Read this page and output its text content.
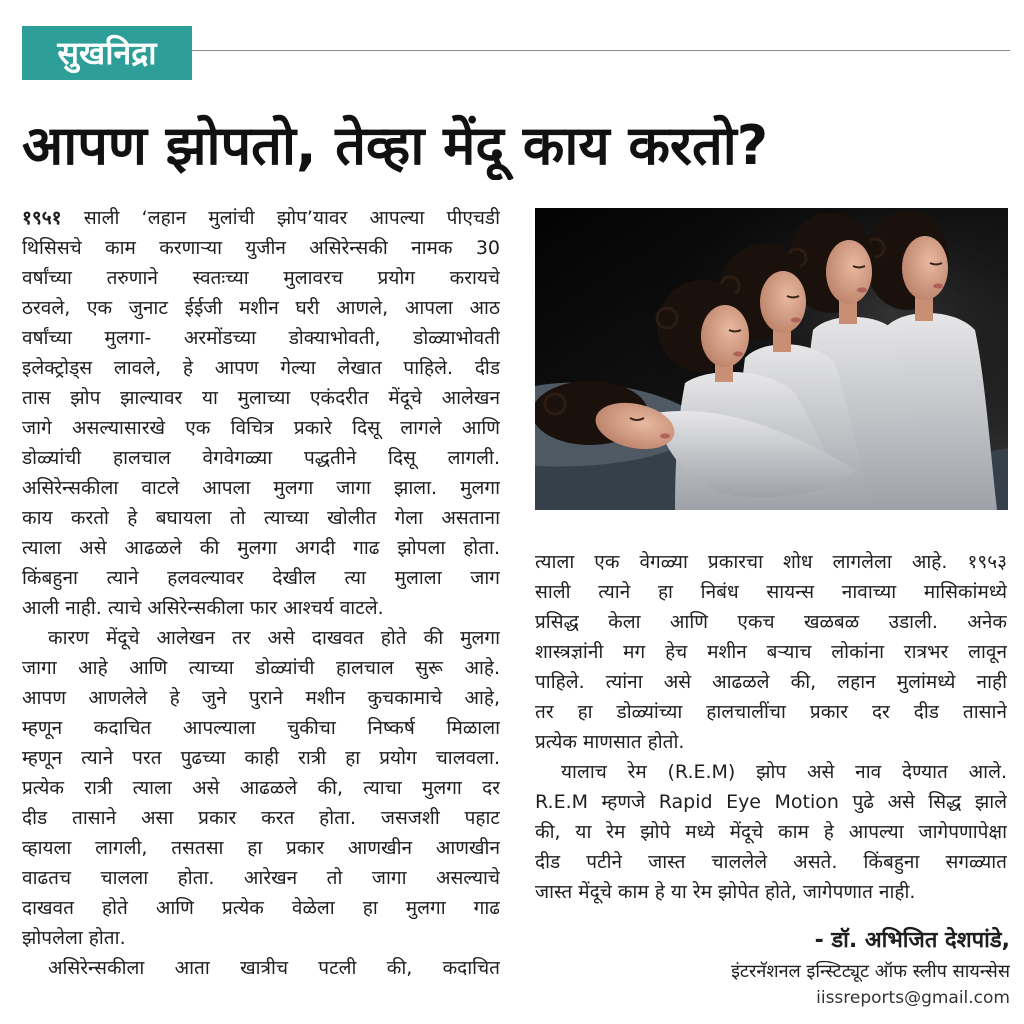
सुखनिद्रा
आपण झोपतो, तेव्हा मेंदू काय करतो?
१९५१ साली ‘लहान मुलांची झोप’यावर आपल्या पीएचडी
थिसिसचे काम करणाऱ्या युजीन असिरेन्सकी नामक 30
वर्षांच्या तरुणाने स्वतःच्या मुलावरच प्रयोग करायचे
ठरवले, एक जुनाट ईईजी मशीन घरी आणले, आपला आठ
वर्षांच्या मुलगा- अरमोंडच्या डोक्याभोवती, डोळ्याभोवती
इलेक्ट्रोड्स लावले, हे आपण गेल्या लेखात पाहिले. दीड
तास झोप झाल्यावर या मुलाच्या एकंदरीत मेंदूचे आलेखन
जागे असल्यासारखे एक विचित्र प्रकारे दिसू लागले आणि
डोळ्यांची हालचाल वेगवेगळ्या पद्धतीने दिसू लागली.
असिरेन्सकीला वाटले आपला मुलगा जागा झाला. मुलगा
काय करतो हे बघायला तो त्याच्या खोलीत गेला असताना
त्याला असे आढळले की मुलगा अगदी गाढ झोपला होता.
किंबहुना त्याने हलवल्यावर देखील त्या मुलाला जाग
आली नाही. त्याचे असिरेन्सकीला फार आश्चर्य वाटले.
कारण मेंदूचे आलेखन तर असे दाखवत होते की मुलगा
जागा आहे आणि त्याच्या डोळ्यांची हालचाल सुरू आहे.
आपण आणलेले हे जुने पुराने मशीन कुचकामाचे आहे,
म्हणून कदाचित आपल्याला चुकीचा निष्कर्ष मिळाला
म्हणून त्याने परत पुढच्या काही रात्री हा प्रयोग चालवला.
प्रत्येक रात्री त्याला असे आढळले की, त्याचा मुलगा दर
दीड तासाने असा प्रकार करत होता. जसजशी पहाट
व्हायला लागली, तसतसा हा प्रकार आणखीन आणखीन
वाढतच चालला होता. आरेखन तो जागा असल्याचे
दाखवत होते आणि प्रत्येक वेळेला हा मुलगा गाढ
झोपलेला होता.
असिरेन्सकीला आता खात्रीच पटली की, कदाचित
त्याला एक वेगळ्या प्रकारचा शोध लागलेला आहे. १९५३
साली त्याने हा निबंध सायन्स नावाच्या मासिकांमध्ये
प्रसिद्ध केला आणि एकच खळबळ उडाली. अनेक
शास्त्रज्ञांनी मग हेच मशीन बऱ्याच लोकांना रात्रभर लावून
पाहिले. त्यांना असे आढळले की, लहान मुलांमध्ये नाही
तर हा डोळ्यांच्या हालचालींचा प्रकार दर दीड तासाने
प्रत्येक माणसात होतो.
यालाच रेम (R.E.M) झोप असे नाव देण्यात आले.
R.E.M म्हणजे Rapid Eye Motion पुढे असे सिद्ध झाले
की, या रेम झोपे मध्ये मेंदूचे काम हे आपल्या जागेपणापेक्षा
दीड पटीने जास्त चाललेले असते. किंबहुना सगळ्यात
जास्त मेंदूचे काम हे या रेम झोपेत होते, जागेपणात नाही.
- डॉ. अभिजित देशपांडे,
इंटरनॅशनल इन्स्टिट्यूट ऑफ स्लीप सायन्सेस
iissreports@gmail.com
